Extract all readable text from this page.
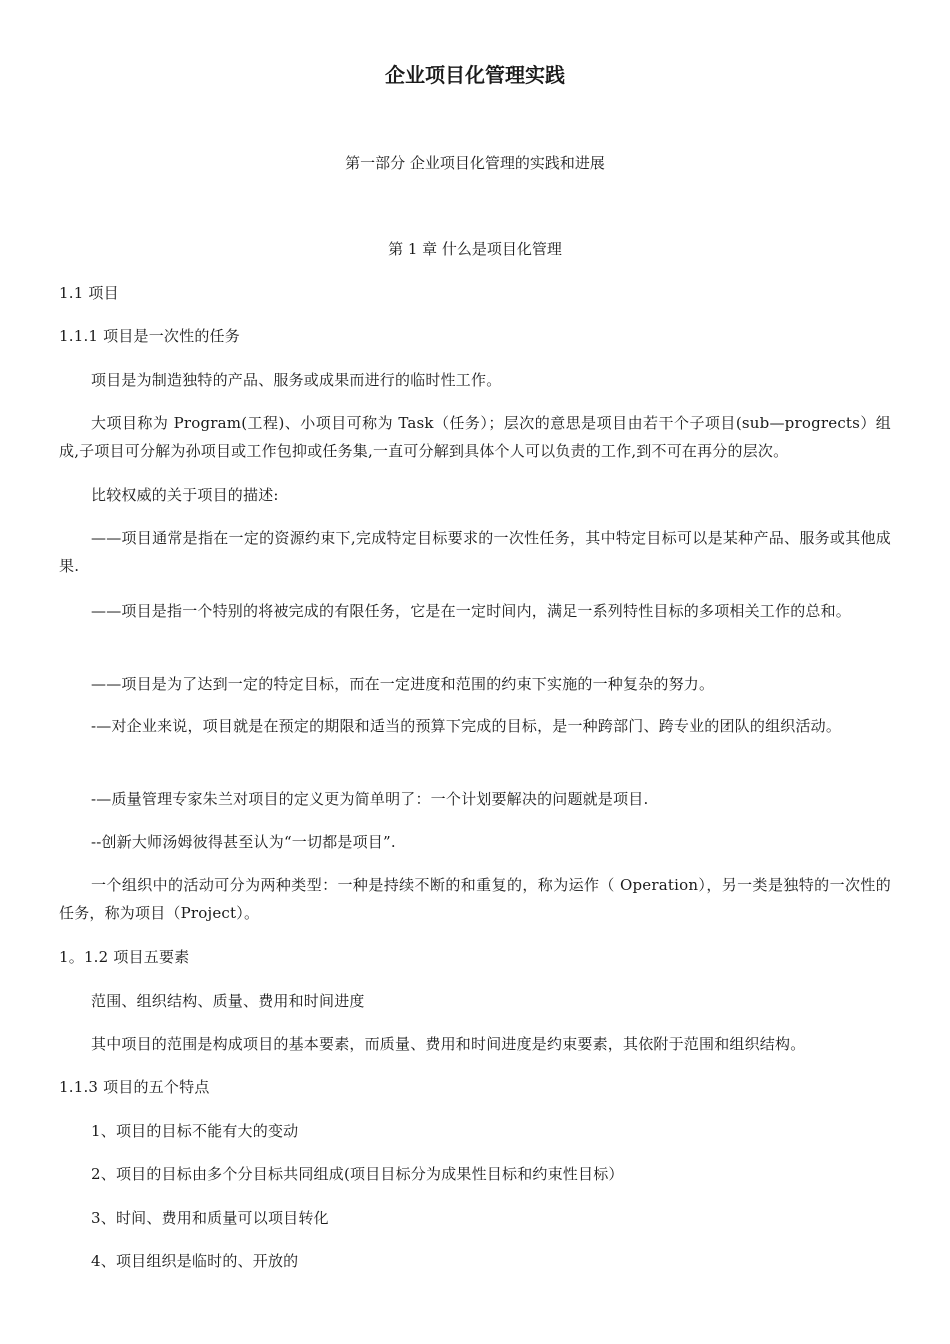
企业项目化管理实践
第一部分 企业项目化管理的实践和进展
第 1 章 什么是项目化管理
1.1 项目
1.1.1 项目是一次性的任务
项目是为制造独特的产品、服务或成果而进行的临时性工作。
大项目称为 Program(工程)、小项目可称为 Task（任务）；层次的意思是项目由若干个子项目(sub—progrects）组成,子项目可分解为孙项目或工作包抑或任务集,一直可分解到具体个人可以负责的工作,到不可在再分的层次。
比较权威的关于项目的描述:
——项目通常是指在一定的资源约束下,完成特定目标要求的一次性任务，其中特定目标可以是某种产品、服务或其他成果.
——项目是指一个特别的将被完成的有限任务，它是在一定时间内，满足一系列特性目标的多项相关工作的总和。
——项目是为了达到一定的特定目标，而在一定进度和范围的约束下实施的一种复杂的努力。
-—对企业来说，项目就是在预定的期限和适当的预算下完成的目标，是一种跨部门、跨专业的团队的组织活动。
-—质量管理专家朱兰对项目的定义更为简单明了：一个计划要解决的问题就是项目.
--创新大师汤姆彼得甚至认为“一切都是项目”.
一个组织中的活动可分为两种类型：一种是持续不断的和重复的，称为运作（ Operation），另一类是独特的一次性的任务，称为项目（Project）。
1。1.2 项目五要素
范围、组织结构、质量、费用和时间进度
其中项目的范围是构成项目的基本要素，而质量、费用和时间进度是约束要素，其依附于范围和组织结构。
1.1.3 项目的五个特点
1、项目的目标不能有大的变动
2、项目的目标由多个分目标共同组成(项目目标分为成果性目标和约束性目标）
3、时间、费用和质量可以项目转化
4、项目组织是临时的、开放的
